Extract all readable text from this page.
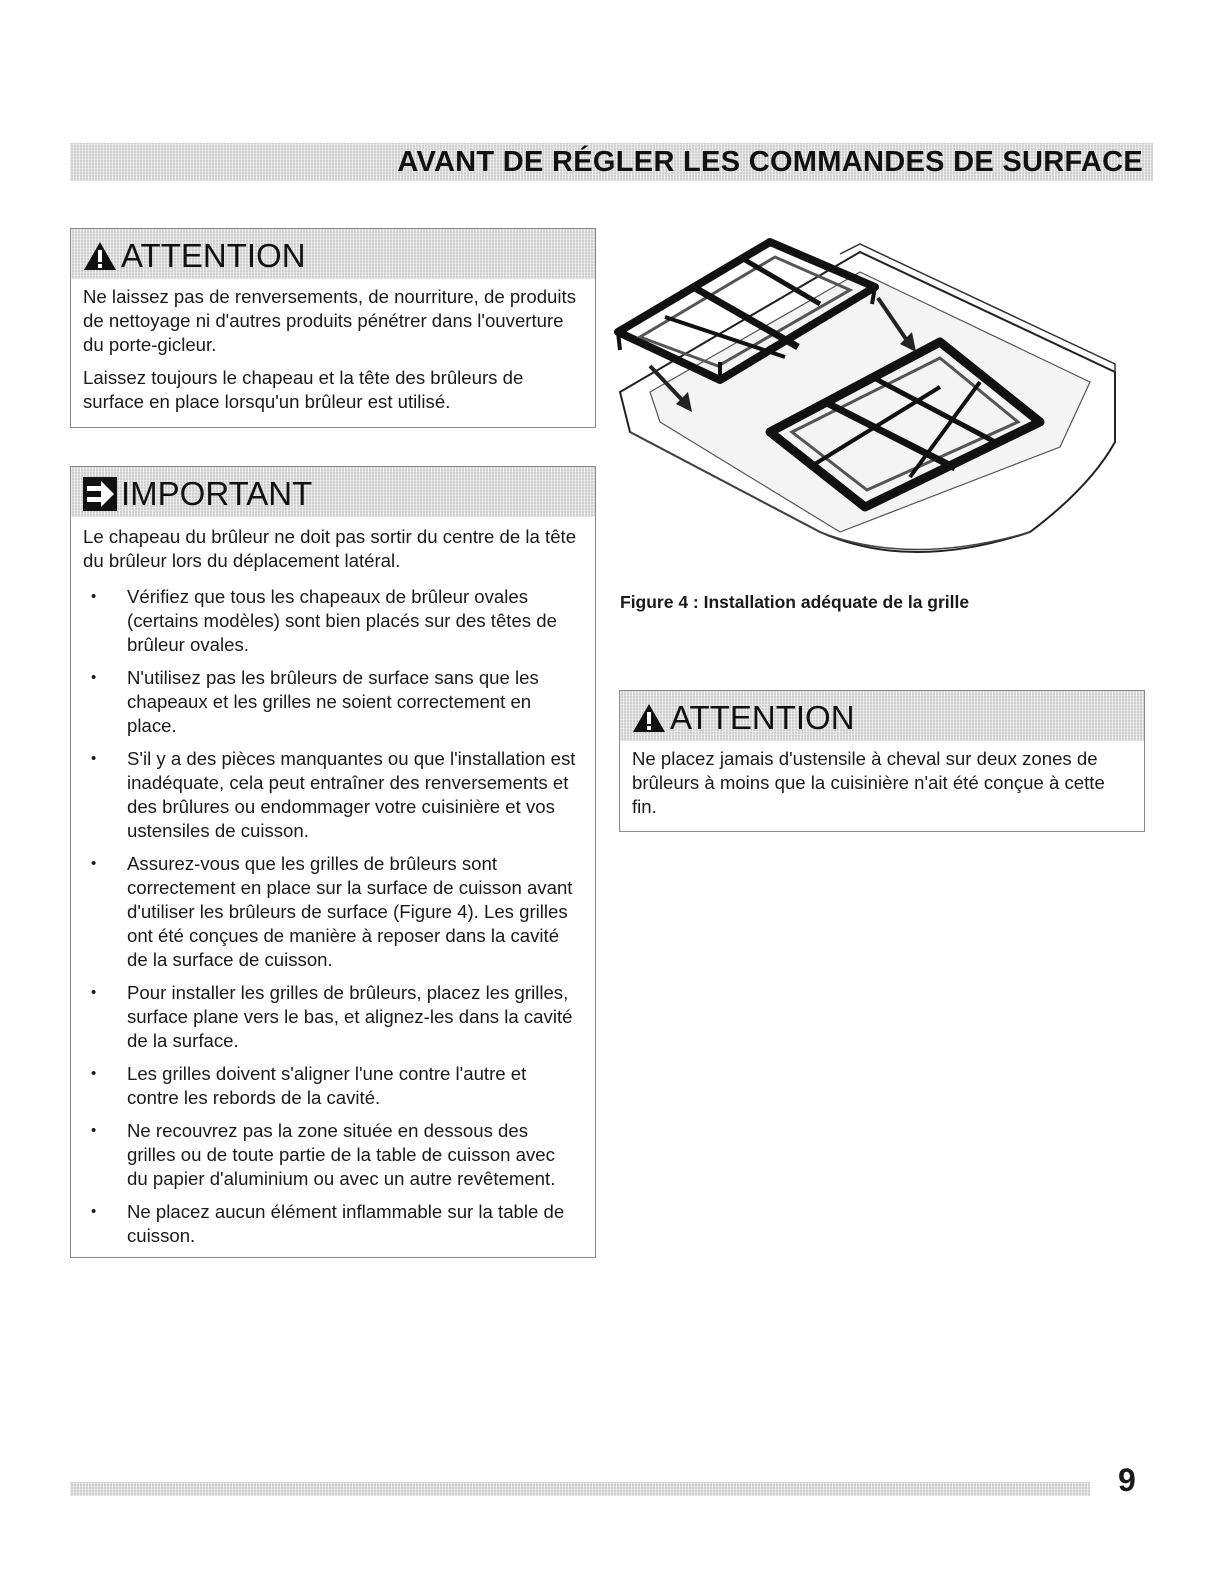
AVANT DE RÉGLER LES COMMANDES DE SURFACE
ATTENTION

Ne laissez pas de renversements, de nourriture, de produits de nettoyage ni d'autres produits pénétrer dans l'ouverture du porte-gicleur.

Laissez toujours le chapeau et la tête des brûleurs de surface en place lorsqu'un brûleur est utilisé.

IMPORTANT

Le chapeau du brûleur ne doit pas sortir du centre de la tête du brûleur lors du déplacement latéral.

• Vérifiez que tous les chapeaux de brûleur ovales (certains modèles) sont bien placés sur des têtes de brûleur ovales.
• N'utilisez pas les brûleurs de surface sans que les chapeaux et les grilles ne soient correctement en place.
• S'il y a des pièces manquantes ou que l'installation est inadéquate, cela peut entraîner des renversements et des brûlures ou endommager votre cuisinière et vos ustensiles de cuisson.
• Assurez-vous que les grilles de brûleurs sont correctement en place sur la surface de cuisson avant d'utiliser les brûleurs de surface (Figure 4). Les grilles ont été conçues de manière à reposer dans la cavité de la surface de cuisson.
• Pour installer les grilles de brûleurs, placez les grilles, surface plane vers le bas, et alignez-les dans la cavité de la surface.
• Les grilles doivent s'aligner l'une contre l'autre et contre les rebords de la cavité.
• Ne recouvrez pas la zone située en dessous des grilles ou de toute partie de la table de cuisson avec du papier d'aluminium ou avec un autre revêtement.
• Ne placez aucun élément inflammable sur la table de cuisson.
Figure 4 : Installation adéquate de la grille
ATTENTION

Ne placez jamais d'ustensile à cheval sur deux zones de brûleurs à moins que la cuisinière n'ait été conçue à cette fin.

9
